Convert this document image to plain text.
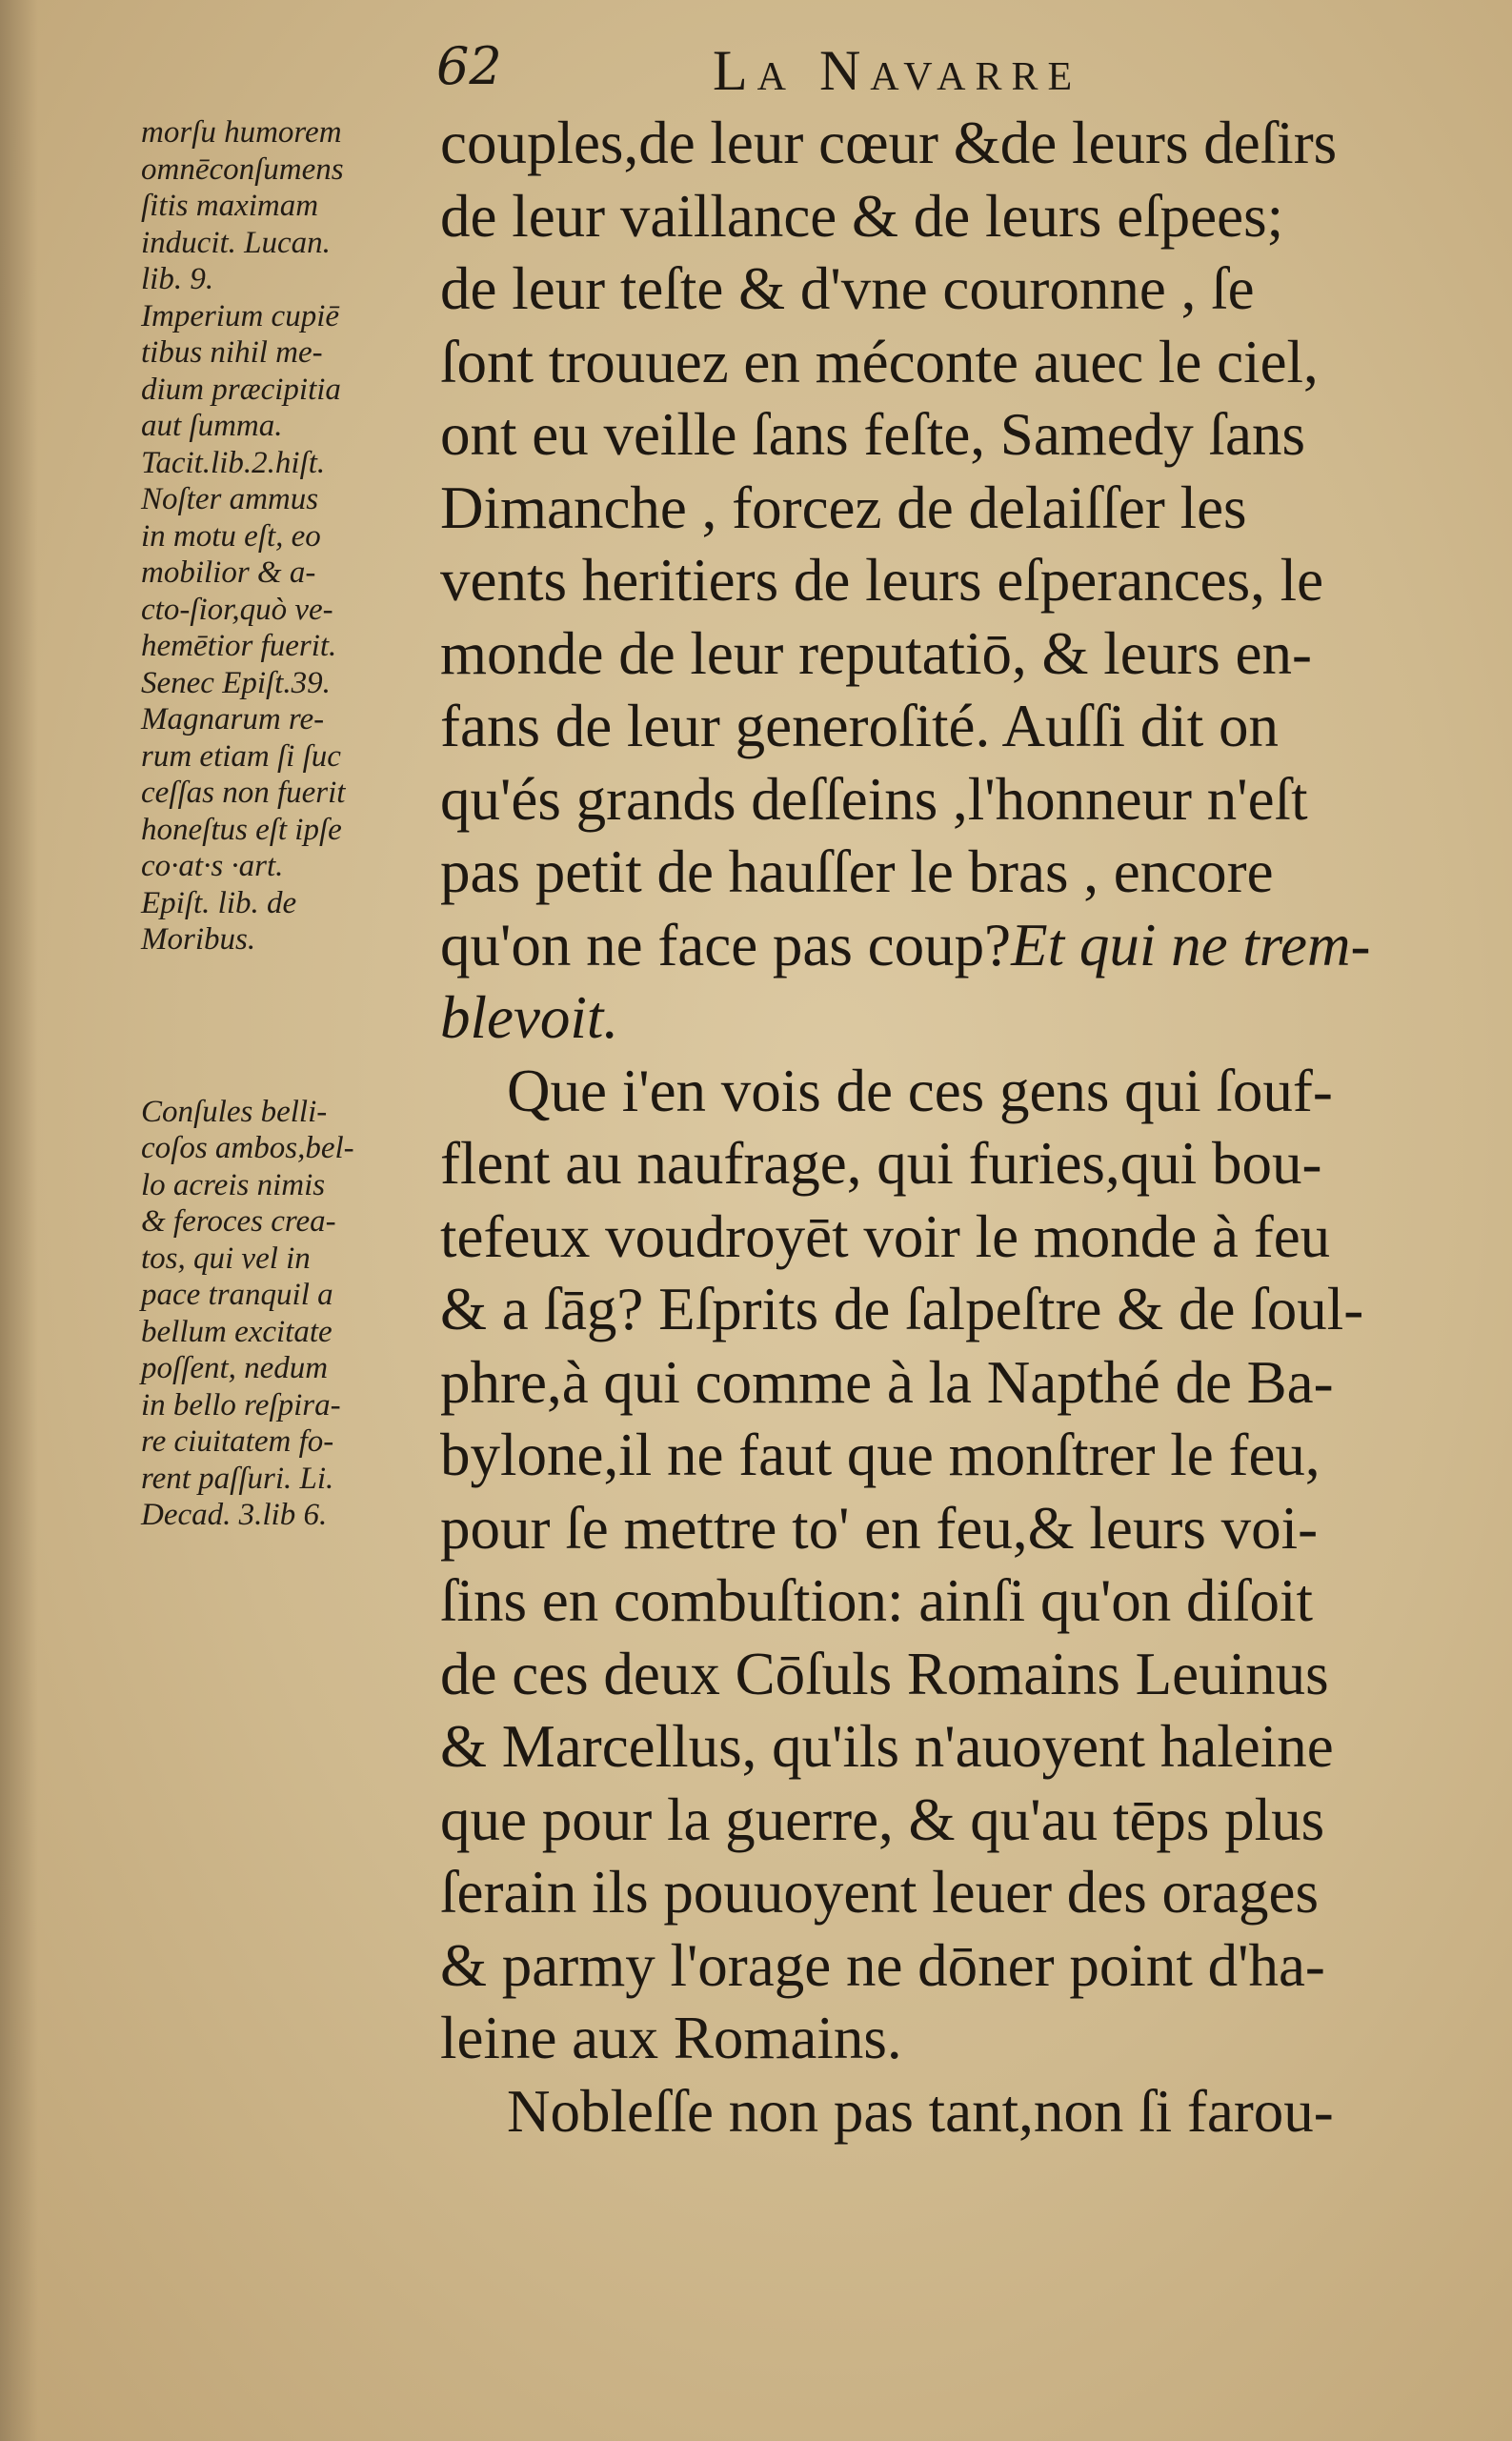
62	La Navarre
morſu humorem
omnēconſumens
ſitis maximam
inducit. Lucan.
lib. 9.
Imperium cupiē
tibus nihil me-
dium præcipitia
aut ſumma.
Tacit.lib.2.hiſt.
Noſter ammus
in motu eſt, eo
mobilior & a-
cto-ſior,quò ve-
hemētior fuerit.
Senec Epiſt.39.
Magnarum re-
rum etiam ſi ſuc
ceſſas non fuerit
honeſtus eſt ipſe
co·at·s ·art.
Epiſt. lib. de
Moribus.
Conſules belli-
coſos ambos,bel-
lo acreis nimis
& feroces crea-
tos, qui vel in
pace tranquil a
bellum excitate
poſſent, nedum
in bello reſpira-
re ciuitatem fo-
rent paſſuri. Li.
Decad. 3.lib 6.
couples,de leur cœur &de leurs deſirs
de leur vaillance & de leurs eſpees;
de leur teſte & d'vne couronne , ſe
ſont trouuez en méconte auec le ciel,
ont eu veille ſans feſte, Samedy ſans
Dimanche , forcez de delaiſſer les
vents heritiers de leurs eſperances, le
monde de leur reputatiō, & leurs en-
fans de leur generoſité. Auſſi dit on
qu'és grands deſſeins ,l'honneur n'eſt
pas petit de hauſſer le bras , encore
qu'on ne face pas coup?Et qui ne trem-
blevoit.
Que i'en vois de ces gens qui ſouf-
flent au naufrage, qui furies,qui bou-
tefeux voudroyēt voir le monde à feu
& a ſāg? Eſprits de ſalpeſtre & de ſoul-
phre,à qui comme à la Napthé de Ba-
bylone,il ne faut que monſtrer le feu,
pour ſe mettre to' en feu,& leurs voi-
ſins en combuſtion: ainſi qu'on diſoit
de ces deux Cōſuls Romains Leuinus
& Marcellus, qu'ils n'auoyent haleine
que pour la guerre, & qu'au tēps plus
ſerain ils pouuoyent leuer des orages
& parmy l'orage ne dōner point d'ha-
leine aux Romains.
Nobleſſe non pas tant,non ſi farou-
